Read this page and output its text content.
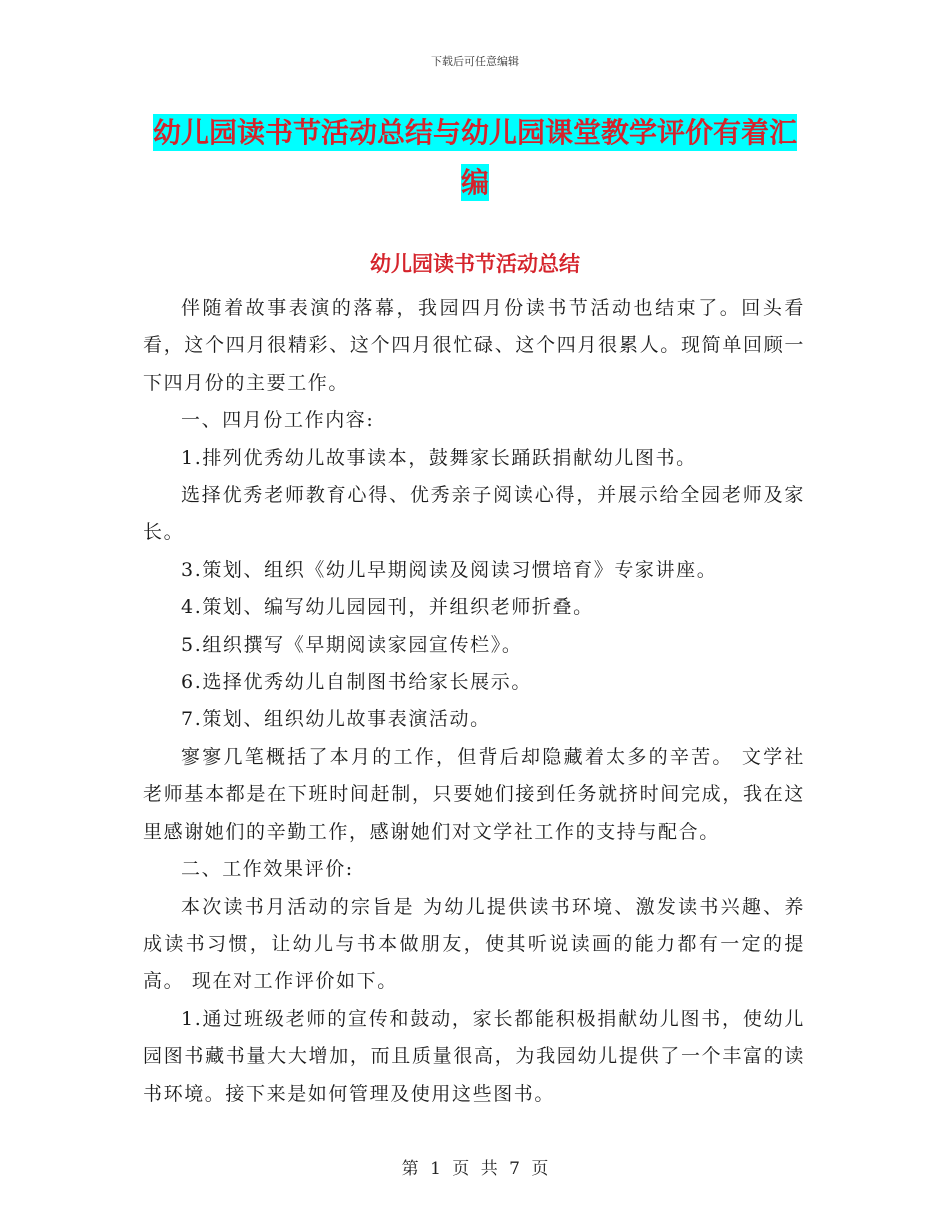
下载后可任意编辑
幼儿园读书节活动总结与幼儿园课堂教学评价有着汇
编
幼儿园读书节活动总结

伴随着故事表演的落幕，我园四月份读书节活动也结束了。回头看看，这个四月很精彩、这个四月很忙碌、这个四月很累人。现简单回顾一下四月份的主要工作。

一、四月份工作内容:

1.排列优秀幼儿故事读本，鼓舞家长踊跃捐献幼儿图书。

选择优秀老师教育心得、优秀亲子阅读心得，并展示给全园老师及家长。

3.策划、组织《幼儿早期阅读及阅读习惯培育》专家讲座。

4.策划、编写幼儿园园刊，并组织老师折叠。

5.组织撰写《早期阅读家园宣传栏》。

6.选择优秀幼儿自制图书给家长展示。

7.策划、组织幼儿故事表演活动。

寥寥几笔概括了本月的工作，但背后却隐藏着太多的辛苦。 文学社老师基本都是在下班时间赶制，只要她们接到任务就挤时间完成，我在这里感谢她们的辛勤工作，感谢她们对文学社工作的支持与配合。

二、工作效果评价:

本次读书月活动的宗旨是 为幼儿提供读书环境、激发读书兴趣、养成读书习惯，让幼儿与书本做朋友，使其听说读画的能力都有一定的提高。 现在对工作评价如下。

1.通过班级老师的宣传和鼓动，家长都能积极捐献幼儿图书，使幼儿园图书藏书量大大增加，而且质量很高，为我园幼儿提供了一个丰富的读书环境。接下来是如何管理及使用这些图书。

第 1 页 共 7 页
